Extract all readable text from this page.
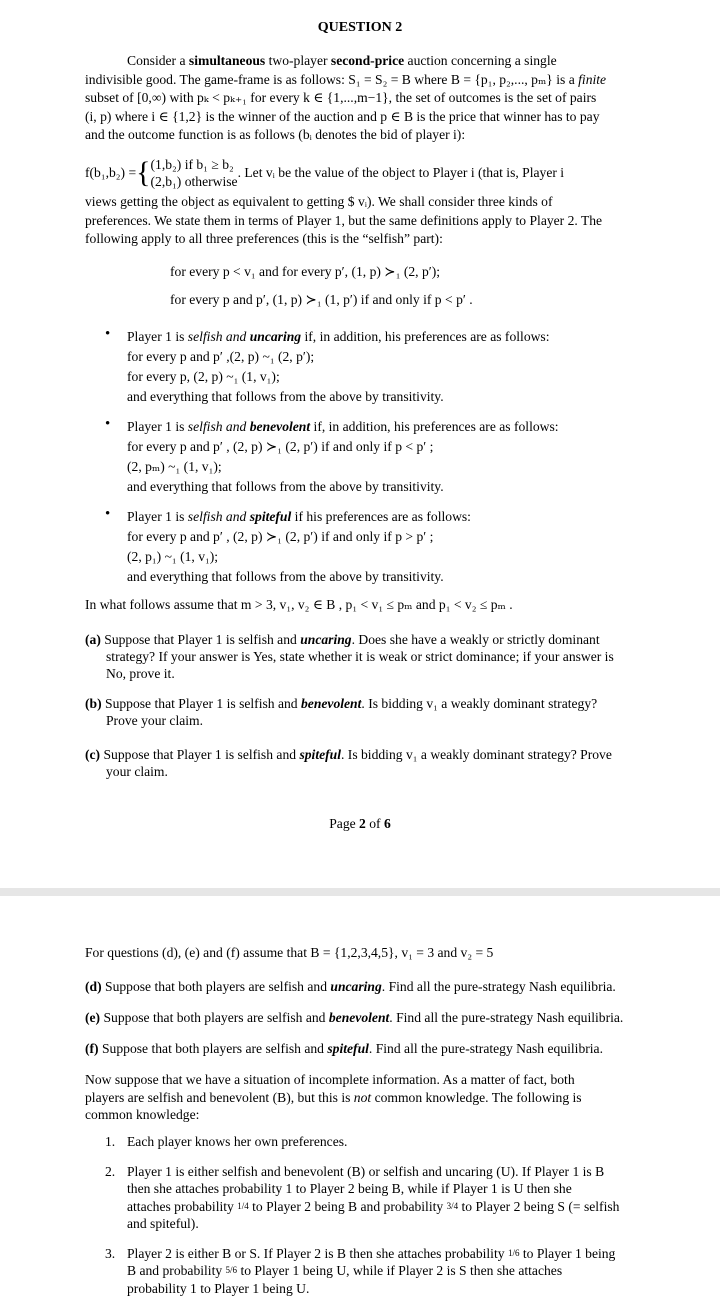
QUESTION 2
Consider a simultaneous two-player second-price auction concerning a single
indivisible good. The game-frame is as follows: S₁ = S₂ = B where B = {p₁, p₂,..., pₘ} is a finite
subset of [0,∞) with pₖ < pₖ₊₁ for every k ∈ {1,...,m−1}, the set of outcomes is the set of pairs
(i, p) where i ∈ {1,2} is the winner of the auction and p ∈ B is the price that winner has to pay
and the outcome function is as follows (bᵢ denotes the bid of player i):
f(b₁,b₂) ={ (1,b₂) if b₁ ≥ b₂
(2,b₁) otherwise
. Let vᵢ be the value of the object to Player i (that is, Player i
views getting the object as equivalent to getting $ vᵢ). We shall consider three kinds of
preferences. We state them in terms of Player 1, but the same definitions apply to Player 2. The
following apply to all three preferences (this is the “selfish” part):
for every p < v₁ and for every p′, (1, p) ≻₁ (2, p′);
for every p and p′, (1, p) ≻₁ (1, p′) if and only if p < p′ .
• Player 1 is selfish and uncaring if, in addition, his preferences are as follows:
for every p and p′ ,(2, p) ~₁ (2, p′);
for every p, (2, p) ~₁ (1, v₁);
and everything that follows from the above by transitivity.
• Player 1 is selfish and benevolent if, in addition, his preferences are as follows:
for every p and p′ , (2, p) ≻₁ (2, p′) if and only if p < p′ ;
(2, pₘ) ~₁ (1, v₁);
and everything that follows from the above by transitivity.
• Player 1 is selfish and spiteful if his preferences are as follows:
for every p and p′ , (2, p) ≻₁ (2, p′) if and only if p > p′ ;
(2, p₁) ~₁ (1, v₁);
and everything that follows from the above by transitivity.
In what follows assume that m > 3, v₁, v₂ ∈ B , p₁ < v₁ ≤ pₘ and p₁ < v₂ ≤ pₘ .
(a) Suppose that Player 1 is selfish and uncaring. Does she have a weakly or strictly dominant
strategy? If your answer is Yes, state whether it is weak or strict dominance; if your answer is
No, prove it.
(b) Suppose that Player 1 is selfish and benevolent. Is bidding v₁ a weakly dominant strategy?
Prove your claim.
(c) Suppose that Player 1 is selfish and spiteful. Is bidding v₁ a weakly dominant strategy? Prove
your claim.
Page 2 of 6
For questions (d), (e) and (f) assume that B = {1,2,3,4,5}, v₁ = 3 and v₂ = 5
(d) Suppose that both players are selfish and uncaring. Find all the pure-strategy Nash equilibria.
(e) Suppose that both players are selfish and benevolent. Find all the pure-strategy Nash equilibria.
(f) Suppose that both players are selfish and spiteful. Find all the pure-strategy Nash equilibria.
Now suppose that we have a situation of incomplete information. As a matter of fact, both
players are selfish and benevolent (B), but this is not common knowledge. The following is
common knowledge:
1. Each player knows her own preferences.
2. Player 1 is either selfish and benevolent (B) or selfish and uncaring (U). If Player 1 is B
then she attaches probability 1 to Player 2 being B, while if Player 1 is U then she
attaches probability 1/4 to Player 2 being B and probability 3/4 to Player 2 being S (= selfish
and spiteful).
3. Player 2 is either B or S. If Player 2 is B then she attaches probability 1/6 to Player 1 being
B and probability 5/6 to Player 1 being U, while if Player 2 is S then she attaches
probability 1 to Player 1 being U.
